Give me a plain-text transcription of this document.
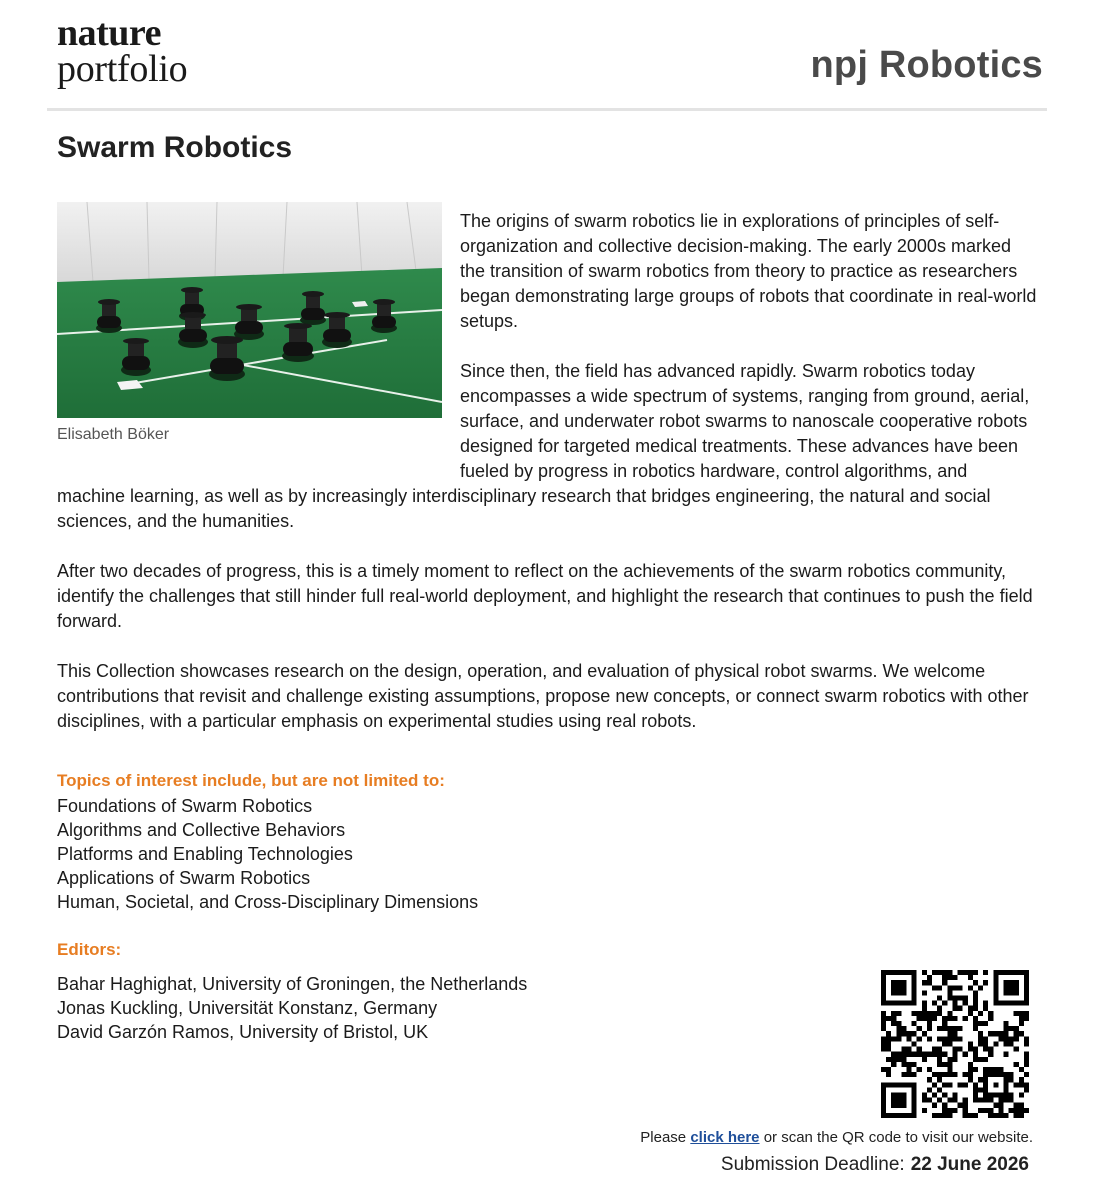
nature
portfolio	npj Robotics
Swarm Robotics
Elisabeth Böker

The origins of swarm robotics lie in explorations of principles of self-organization and collective decision-making. The early 2000s marked the transition of swarm robotics from theory to practice as researchers began demonstrating large groups of robots that coordinate in real-world setups.

Since then, the field has advanced rapidly. Swarm robotics today encompasses a wide spectrum of systems, ranging from ground, aerial, surface, and underwater robot swarms to nanoscale cooperative robots designed for targeted medical treatments. These advances have been fueled by progress in robotics hardware, control algorithms, and machine learning, as well as by increasingly interdisciplinary research that bridges engineering, the natural and social sciences, and the humanities.

After two decades of progress, this is a timely moment to reflect on the achievements of the swarm robotics community, identify the challenges that still hinder full real-world deployment, and highlight the research that continues to push the field forward.

This Collection showcases research on the design, operation, and evaluation of physical robot swarms. We welcome contributions that revisit and challenge existing assumptions, propose new concepts, or connect swarm robotics with other disciplines, with a particular emphasis on experimental studies using real robots.

Topics of interest include, but are not limited to:
Foundations of Swarm Robotics
Algorithms and Collective Behaviors
Platforms and Enabling Technologies
Applications of Swarm Robotics
Human, Societal, and Cross-Disciplinary Dimensions
Editors:
Bahar Haghighat, University of Groningen, the Netherlands
Jonas Kuckling, Universität Konstanz, Germany
David Garzón Ramos, University of Bristol, UK
Please click here or scan the QR code to visit our website.
Submission Deadline: 22 June 2026
